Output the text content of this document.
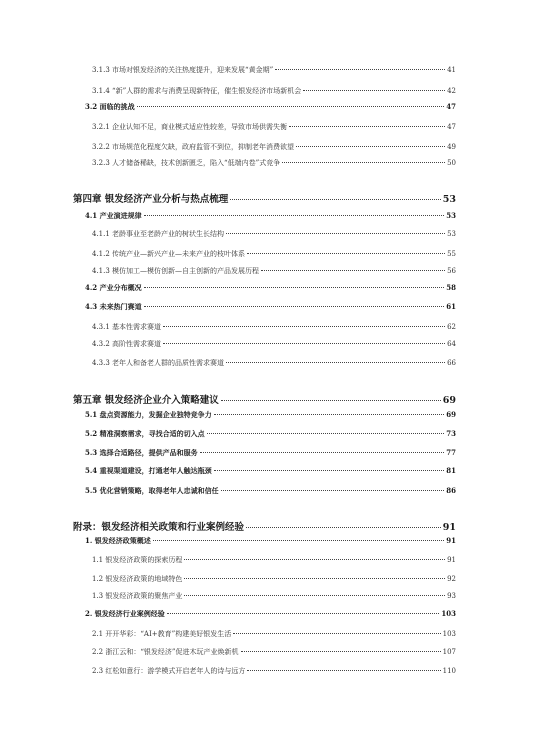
3.1.3 市场对银发经济的关注热度提升，迎来发展“黄金期”	41
3.1.4 “新”人群的需求与消费呈现新特征，催生银发经济市场新机会	42
3.2 面临的挑战	47
3.2.1 企业认知不足，商业模式适应性较差，导致市场供需失衡	47
3.2.2 市场规范化程度欠缺，政府监管不到位，抑制老年消费欲望	49
3.2.3 人才储备稀缺，技术创新匮乏，陷入“低端内卷”式竞争	50
第四章 银发经济产业分析与热点梳理	53
4.1 产业演进规律	53
4.1.1 老龄事业至老龄产业的树状生长结构	53
4.1.2 传统产业—新兴产业—未来产业的枝叶体系	55
4.1.3 模仿加工—模仿创新—自主创新的产品发展历程	56
4.2 产业分布概况	58
4.3 未来热门赛道	61
4.3.1 基本性需求赛道	62
4.3.2 高阶性需求赛道	64
4.3.3 老年人和备老人群的品质性需求赛道	66
第五章 银发经济企业介入策略建议	69
5.1 盘点资源能力，发掘企业独特竞争力	69
5.2 精准洞察需求，寻找合适的切入点	73
5.3 选择合适路径，提供产品和服务	77
5.4 重视渠道建设，打通老年人触达瓶颈	81
5.5 优化营销策略，取得老年人忠诚和信任	86
附录：银发经济相关政策和行业案例经验	91
1. 银发经济政策概述	91
1.1 银发经济政策的探索历程	91
1.2 银发经济政策的地域特色	92
1.3 银发经济政策的聚焦产业	93
2. 银发经济行业案例经验	103
2.1 开开华彩：“AI+教育”构建美好银发生活	103
2.2 浙江云和：“银发经济”促进木玩产业焕新机	107
2.3 红松如意行：游学模式开启老年人的诗与远方	110
